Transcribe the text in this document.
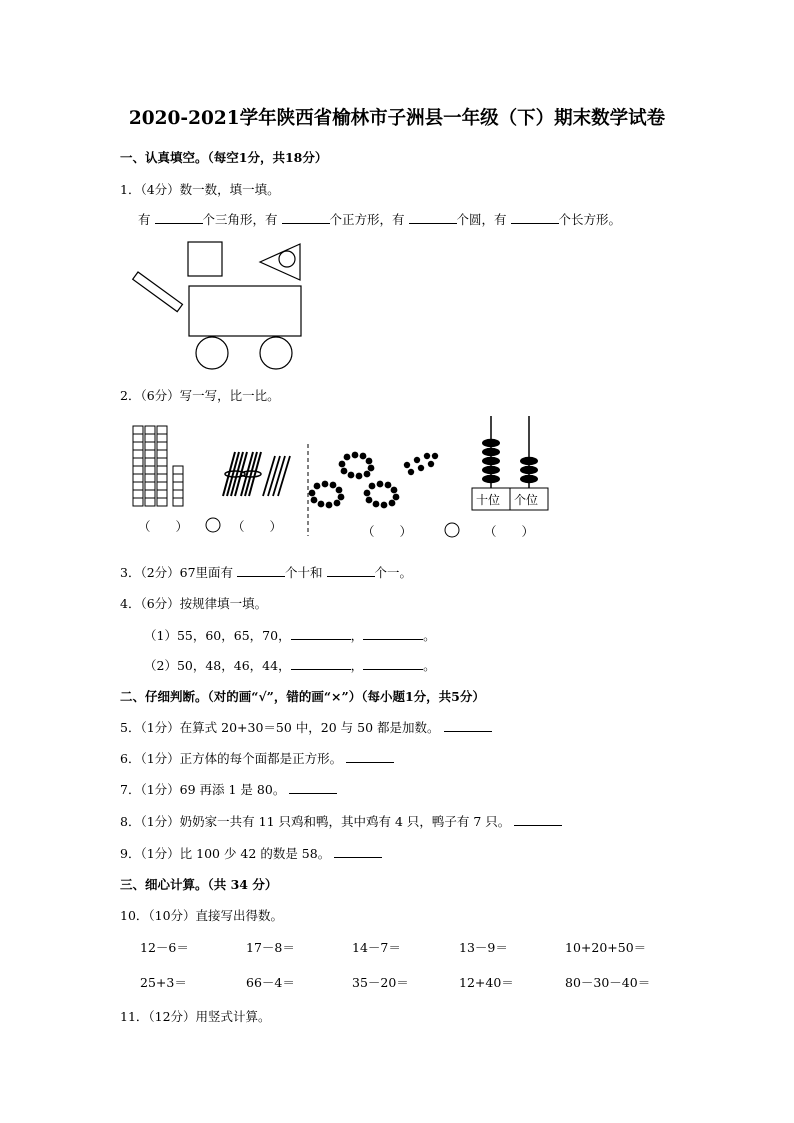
2020-2021学年陕西省榆林市子洲县一年级（下）期末数学试卷
一、认真填空。（每空1分，共18分）
1．（4分）数一数，填一填。
有	个三角形，有	个正方形，有	个圆，有	个长方形。
2．（6分）写一写，比一比。
（　　）	（　　）	（　　）	（　　）
十位 个位
3．（2分）67里面有	个十和	个一。
4．（6分）按规律填一填。
（1）55，60，65，70，	，	。
（2）50，48，46，44，	，	。
二、仔细判断。（对的画“√”，错的画“×”）（每小题1分，共5分）
5．（1分）在算式 20+30＝50 中，20 与 50 都是加数。
6．（1分）正方体的每个面都是正方形。
7．（1分）69 再添 1 是 80。
8．（1分）奶奶家一共有 11 只鸡和鸭，其中鸡有 4 只，鸭子有 7 只。
9．（1分）比 100 少 42 的数是 58。
三、细心计算。（共 34 分）
10．（10分）直接写出得数。
12－6＝	17－8＝	14－7＝	13－9＝	10+20+50＝
25+3＝	66－4＝	35－20＝	12+40＝	80－30－40＝
11．（12分）用竖式计算。
